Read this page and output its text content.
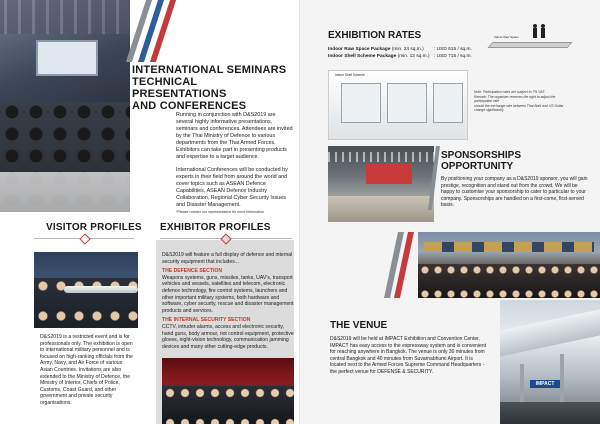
INTERNATIONAL SEMINARS
TECHNICAL PRESENTATIONS
AND CONFERENCES

Running in conjunction with D&S2019 are several highly informative presentations, seminars and conferences. Attendees are invited by the Thai Ministry of Defence to various departments from the Thai Armed Forces. Exhibitors can take part in presenting products and expertise to a target audience.

International Conferences will be conducted by experts in their field from around the world and cover topics such as ASEAN Defence Capabilities, ASEAN Defence Industry Collaboration, Regional Cyber Security Issues and Disaster Management.

*Please contact our representative for more information
VISITOR PROFILES
D&S2019 is a restricted event and is for professionals only. The exhibition is open to international military personnel and is focused on high-ranking officials from the Army, Navy, and Air Force of various Asian Countries. Invitations are also extended to the Ministry of Defence, the Ministry of Interior, Chiefs of Police, Customs, Coast Guard, and other government and private security organisations.
EXHIBITOR PROFILES

D&S2019 will feature a full display of defence and internal security equipment that includes...

THE DEFENCE SECTION

Weapons systems, guns, missiles, tanks, UAV's, transport vehicles and vessels, satellites and telecom, electronic defence technology, fire control systems, launchers and other important military systems, both hardware and software, cyber security, rescue and disaster management products and services.

THE INTERNAL SECURITY SECTION

CCTV, intruder alarms, access and electronic security, hand guns, body armour, riot control equipment, protective gloves, night-vision technology, communication jamming devices and many other cutting-edge products.

EXHIBITION RATES
Indoor Raw Space Package (min. 24 sq.m.)	: USD 615 / sq.m.
Indoor Shell Scheme Package (min. 12 sq.m.) : USD 715 / sq.m.
Indoor Raw Space
Indoor Shell Scheme
Note: Participation rates are subject to 7% VAT.
Remark: The organizer reserves the right to adjust the participation rate
should the exchange rate between Thai Baht and US Dollar change significantly.
SPONSORSHIPS
OPPORTUNITY
By positioning your company as a D&S2019 sponsor, you will gain prestige, recognition and stand out from the crowd. We will be happy to customise your sponsorship to cater to particular to your company. Sponsorships are handled on a first-come, first-served basis.
THE VENUE
D&S2019 will be held at IMPACT Exhibition and Convention Center. IMPACT has easy access to the expressway system and is convenient for reaching anywhere in Bangkok. The venue is only 30 minutes from central Bangkok and 40 minutes from Suvarnabhumi Airport. It is located next to the Armed Forces Supreme Command Headquarters - the perfect venue for DEFENSE & SECURITY.
IMPACT
